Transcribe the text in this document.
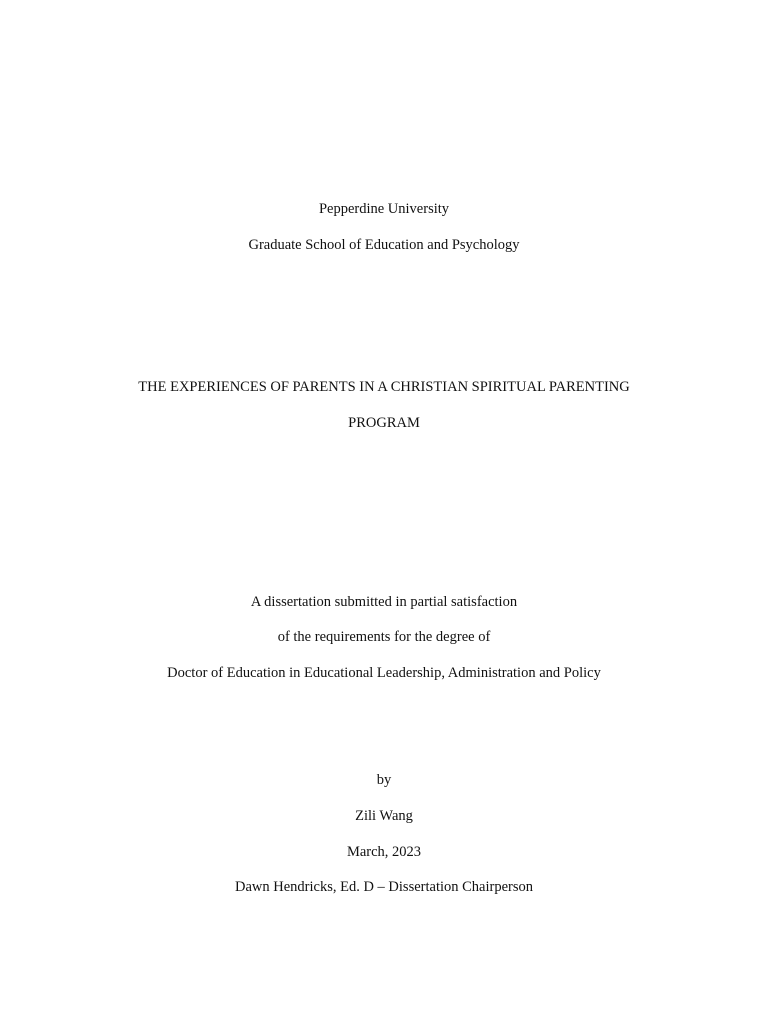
Pepperdine University
Graduate School of Education and Psychology
THE EXPERIENCES OF PARENTS IN A CHRISTIAN SPIRITUAL PARENTING
PROGRAM
A dissertation submitted in partial satisfaction
of the requirements for the degree of
Doctor of Education in Educational Leadership, Administration and Policy
by
Zili Wang
March, 2023
Dawn Hendricks, Ed. D – Dissertation Chairperson
